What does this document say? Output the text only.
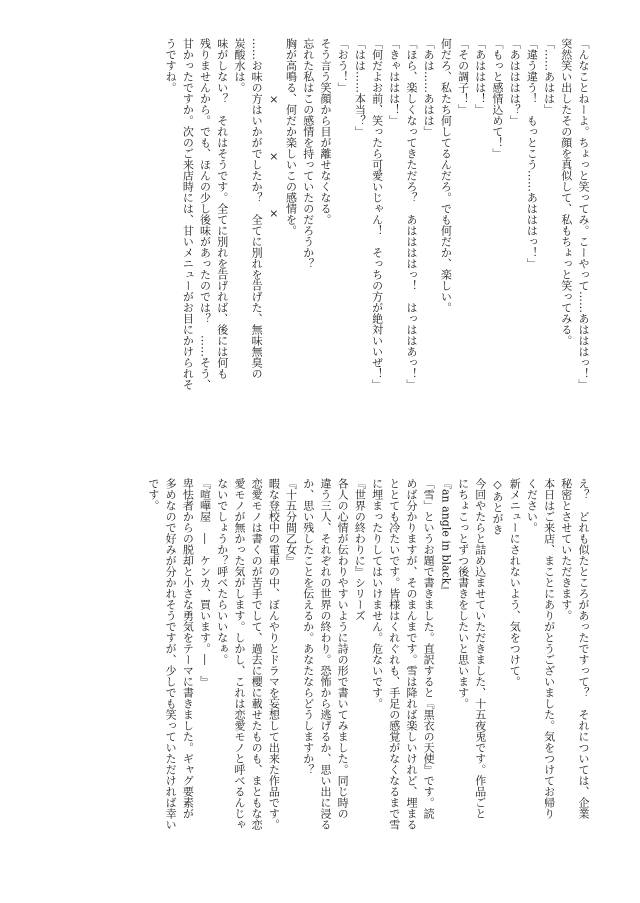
「んなことねーよ。ちょっと笑ってみ。こーやって……あはははっ！」
突然笑い出したその顔を真似して、私もちょっと笑ってみる。
「……あはは」
「違う違う！　もっとこう……あはははっ！」
「あはははは？」
「もっと感情込めて！」
「あははは！」
「その調子！」
何だろ、私たち何してるんだろ。でも何だか、楽しい。
「あは……あはは」
「ほら、楽しくなってきただろ？　あははははっ！　はっははあっ！」
「きゃははは！」
「何だよお前、笑ったら可愛いじゃん！　そっちの方が絶対いいぜ！」
「はは……本当？」
「おう！」
そう言う笑顔から目が離せなくなる。
忘れた私はこの感情を持っていたのだろうか？
胸が高鳴る、何だか楽しいこの感情を。
　　　　　×　　　　×　　　　×
……お味の方はいかがでしたか？　全てに別れを告げた、無味無臭の
炭酸水は。
味がしない？　それはそうです。全てに別れを告げれば、後には何も
残りませんから。でも、ほんの少し後味があったのでは？　……そう、
甘かったですか。次のご来店時には、甘いメニューがお目にかけられそ
うですね。
え？　どれも似たところがあったですって？　それについては、企業
秘密とさせていただきます。
本日はご来店、まことにありがとうございました。気をつけてお帰り
ください。
新メニューにされないよう、気をつけて。
◇あとがき
今回やたらと詰め込ませていただきました、十五夜兎です。作品ごと
にちょこっとずつ後書きをしたいと思います。
『an angle in black』
「雪」というお題で書きました。直訳すると『黒衣の天使』です。読
めば分かりますが、そのまんまです。雪は降れば楽しいけれど、埋まる
ととても冷たいです。皆様はくれぐれも、手足の感覚がなくなるまで雪
に埋まったりしてはいけません。危ないです。
『世界の終わりに』シリーズ
各人の心情が伝わりやすいように詩の形で書いてみました。同じ時の
違う三人、それぞれの世界の終わり。恐怖から逃げるか、思い出に浸る
か、思い残したことを伝えるか。あなたならどうしますか？
『十五分間乙女』
暇な登校中の電車の中、ぼんやりとドラマを妄想して出来た作品です。
恋愛モノは書くのが苦手でして、過去に櫻に載せたものも、まともな恋
愛モノが無かった気がします。しかし、これは恋愛モノと呼べるんじゃ
ないでしょうか？呼べたらいいなぁ。
『喧嘩屋　―　ケンカ、買います。―　』
卑怯者からの脱却と小さな勇気をテーマに書きました。ギャグ要素が
多めなので好みが分かれそうですが、少しでも笑っていただければ幸い
です。
